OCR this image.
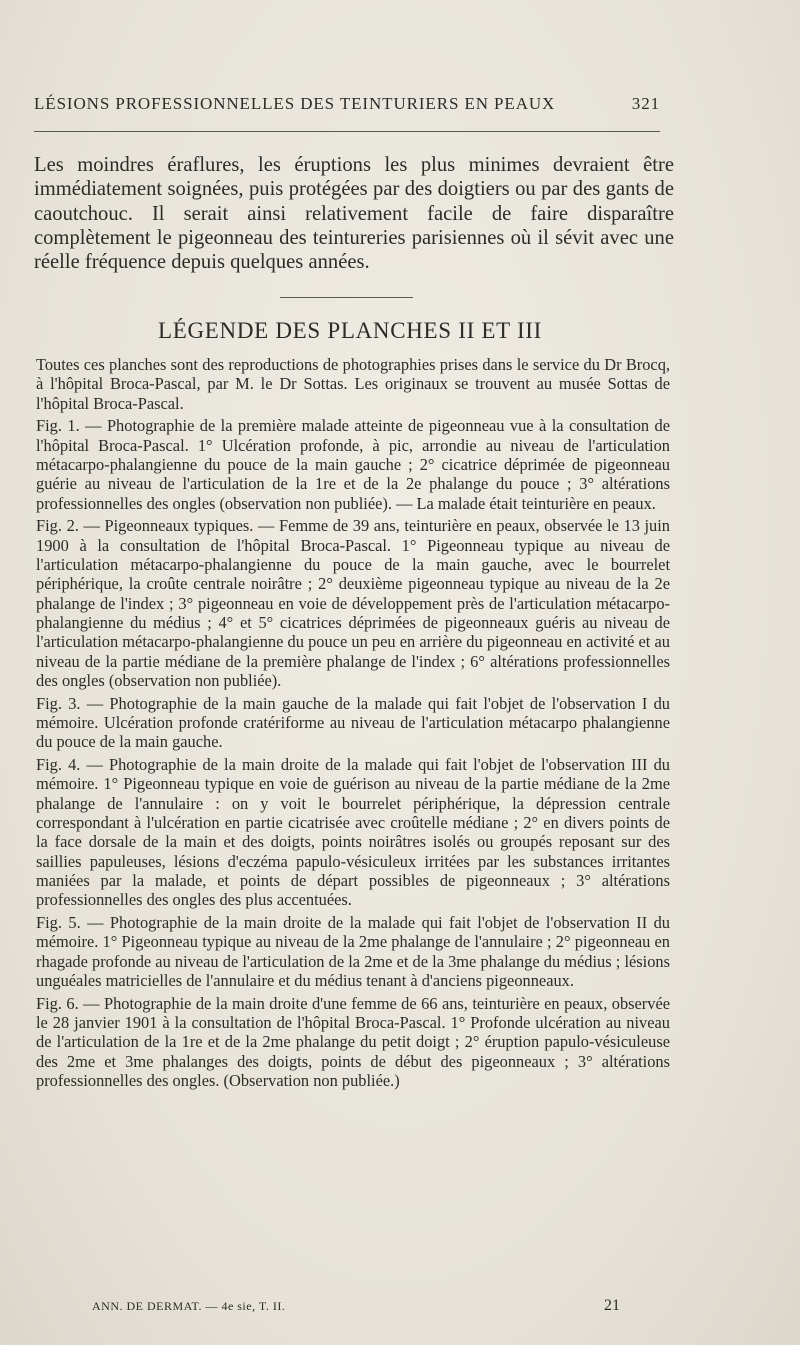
LÉSIONS PROFESSIONNELLES DES TEINTURIERS EN PEAUX	321

Les moindres éraflures, les éruptions les plus minimes devraient être immédiatement soignées, puis protégées par des doigtiers ou par des gants de caoutchouc. Il serait ainsi relativement facile de faire disparaître complètement le pigeonneau des teintureries parisiennes où il sévit avec une réelle fréquence depuis quelques années.

LÉGENDE DES PLANCHES II ET III

Toutes ces planches sont des reproductions de photographies prises dans le service du Dr Brocq, à l'hôpital Broca-Pascal, par M. le Dr Sottas. Les originaux se trouvent au musée Sottas de l'hôpital Broca-Pascal.

Fig. 1. — Photographie de la première malade atteinte de pigeonneau vue à la consultation de l'hôpital Broca-Pascal. 1° Ulcération profonde, à pic, arrondie au niveau de l'articulation métacarpo-phalangienne du pouce de la main gauche ; 2° cicatrice déprimée de pigeonneau guérie au niveau de l'articulation de la 1re et de la 2e phalange du pouce ; 3° altérations professionnelles des ongles (observation non publiée). — La malade était teinturière en peaux.

Fig. 2. — Pigeonneaux typiques. — Femme de 39 ans, teinturière en peaux, observée le 13 juin 1900 à la consultation de l'hôpital Broca-Pascal. 1° Pigeonneau typique au niveau de l'articulation métacarpo-phalangienne du pouce de la main gauche, avec le bourrelet périphérique, la croûte centrale noirâtre ; 2° deuxième pigeonneau typique au niveau de la 2e phalange de l'index ; 3° pigeonneau en voie de développement près de l'articulation métacarpo-phalangienne du médius ; 4° et 5° cicatrices déprimées de pigeonneaux guéris au niveau de l'articulation métacarpo-phalangienne du pouce un peu en arrière du pigeonneau en activité et au niveau de la partie médiane de la première phalange de l'index ; 6° altérations professionnelles des ongles (observation non publiée).

Fig. 3. — Photographie de la main gauche de la malade qui fait l'objet de l'observation I du mémoire. Ulcération profonde cratériforme au niveau de l'articulation métacarpo phalangienne du pouce de la main gauche.

Fig. 4. — Photographie de la main droite de la malade qui fait l'objet de l'observation III du mémoire. 1° Pigeonneau typique en voie de guérison au niveau de la partie médiane de la 2me phalange de l'annulaire : on y voit le bourrelet périphérique, la dépression centrale correspondant à l'ulcération en partie cicatrisée avec croûtelle médiane ; 2° en divers points de la face dorsale de la main et des doigts, points noirâtres isolés ou groupés reposant sur des saillies papuleuses, lésions d'eczéma papulo-vésiculeux irritées par les substances irritantes maniées par la malade, et points de départ possibles de pigeonneaux ; 3° altérations professionnelles des ongles des plus accentuées.

Fig. 5. — Photographie de la main droite de la malade qui fait l'objet de l'observation II du mémoire. 1° Pigeonneau typique au niveau de la 2me phalange de l'annulaire ; 2° pigeonneau en rhagade profonde au niveau de l'articulation de la 2me et de la 3me phalange du médius ; lésions unguéales matricielles de l'annulaire et du médius tenant à d'anciens pigeonneaux.

Fig. 6. — Photographie de la main droite d'une femme de 66 ans, teinturière en peaux, observée le 28 janvier 1901 à la consultation de l'hôpital Broca-Pascal. 1° Profonde ulcération au niveau de l'articulation de la 1re et de la 2me phalange du petit doigt ; 2° éruption papulo-vésiculeuse des 2me et 3me phalanges des doigts, points de début des pigeonneaux ; 3° altérations professionnelles des ongles. (Observation non publiée.)

ANN. DE DERMAT. — 4e sie, T. II.	21
